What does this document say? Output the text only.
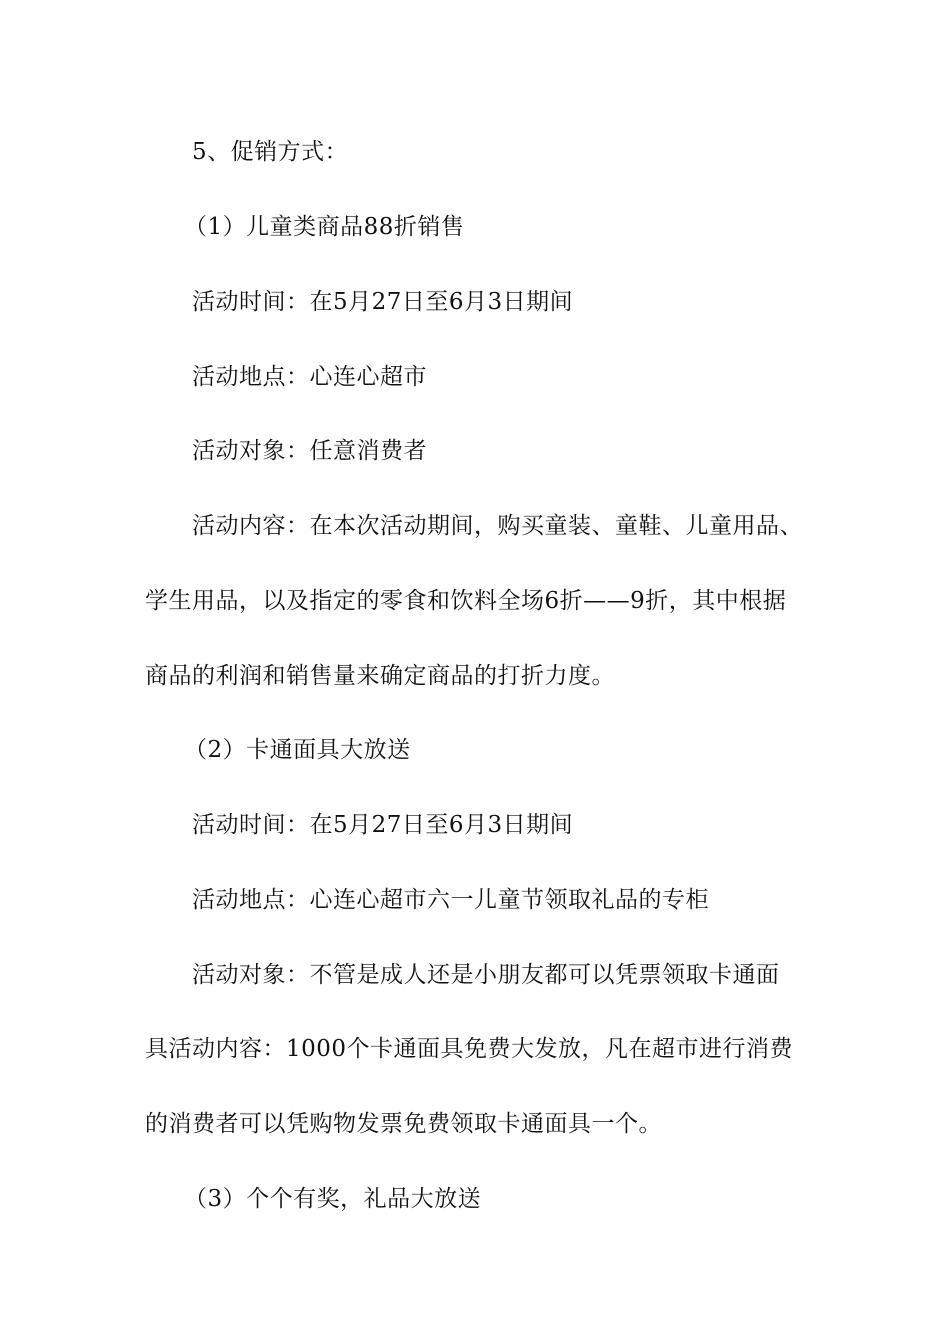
5、促销方式：
（1）儿童类商品88折销售
活动时间：在5月27日至6月3日期间
活动地点：心连心超市
活动对象：任意消费者
活动内容：在本次活动期间，购买童装、童鞋、儿童用品、
学生用品，以及指定的零食和饮料全场6折——9折，其中根据
商品的利润和销售量来确定商品的打折力度。
（2）卡通面具大放送
活动时间：在5月27日至6月3日期间
活动地点：心连心超市六一儿童节领取礼品的专柜
活动对象：不管是成人还是小朋友都可以凭票领取卡通面
具活动内容：1000个卡通面具免费大发放，凡在超市进行消费
的消费者可以凭购物发票免费领取卡通面具一个。
（3）个个有奖，礼品大放送
